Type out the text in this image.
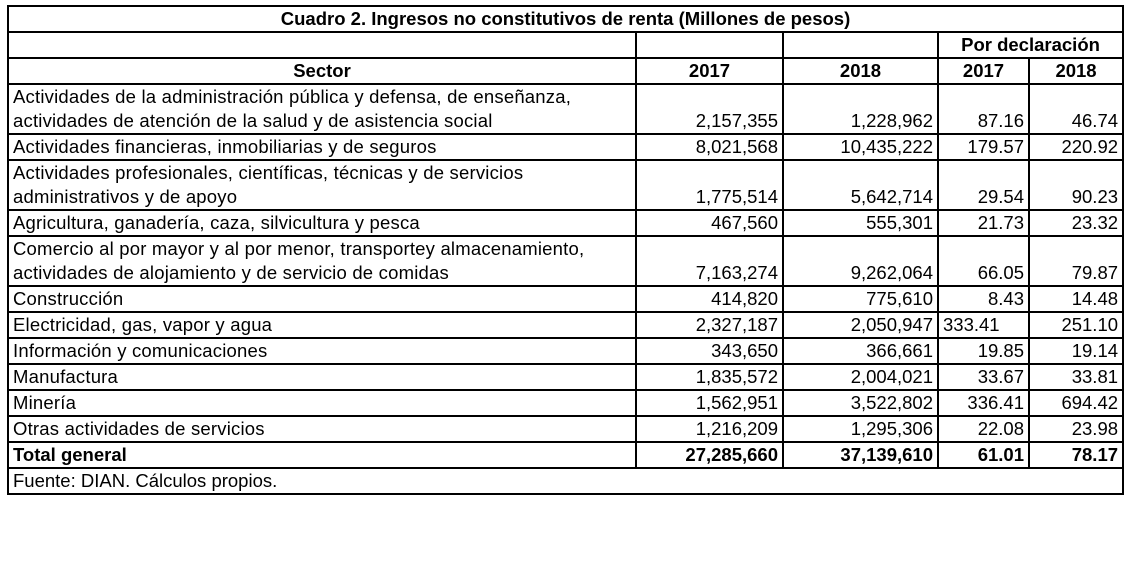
Cuadro 2. Ingresos no constitutivos de renta (Millones de pesos)				
			Por declaración	
Sector	2017	2018	2017	2018
Actividades de la administración pública y defensa, de enseñanza, actividades de atención de la salud y de asistencia social	2,157,355	1,228,962	87.16	46.74
Actividades financieras, inmobiliarias y de seguros	8,021,568	10,435,222	179.57	220.92
Actividades profesionales, científicas, técnicas y de servicios administrativos y de apoyo	1,775,514	5,642,714	29.54	90.23
Agricultura, ganadería, caza, silvicultura y pesca	467,560	555,301	21.73	23.32
Comercio al por mayor y al por menor, transportey almacenamiento, actividades de alojamiento y de servicio de comidas	7,163,274	9,262,064	66.05	79.87
Construcción	414,820	775,610	8.43	14.48
Electricidad, gas, vapor y agua	2,327,187	2,050,947	333.41	251.10
Información y comunicaciones	343,650	366,661	19.85	19.14
Manufactura	1,835,572	2,004,021	33.67	33.81
Minería	1,562,951	3,522,802	336.41	694.42
Otras actividades de servicios	1,216,209	1,295,306	22.08	23.98
Total general	27,285,660	37,139,610	61.01	78.17
Fuente: DIAN. Cálculos propios.				
